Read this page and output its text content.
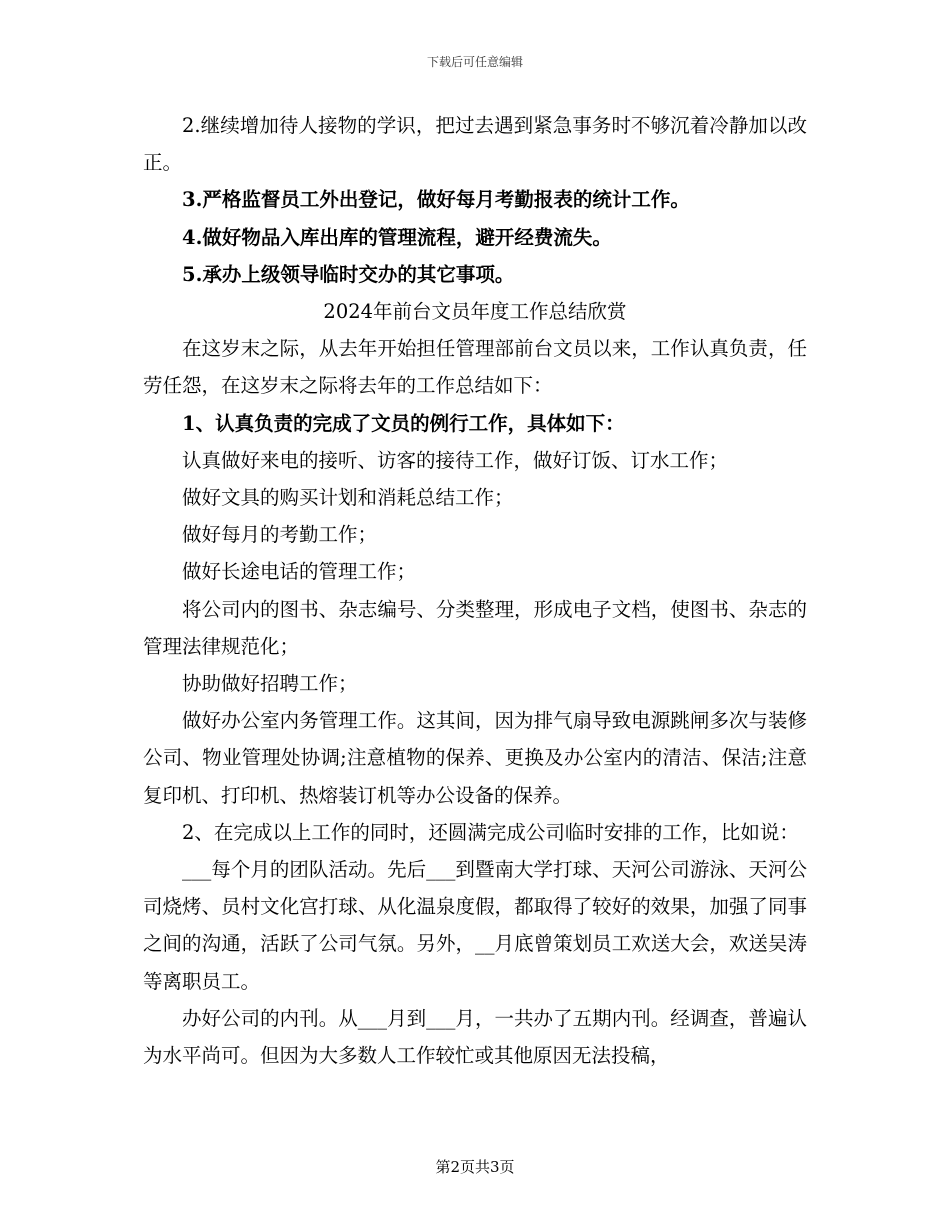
下载后可任意编辑

2.继续增加待人接物的学识，把过去遇到紧急事务时不够沉着冷静加以改正。

3.严格监督员工外出登记，做好每月考勤报表的统计工作。

4.做好物品入库出库的管理流程，避开经费流失。

5.承办上级领导临时交办的其它事项。

2024年前台文员年度工作总结欣赏

在这岁末之际，从去年开始担任管理部前台文员以来，工作认真负责，任劳任怨，在这岁末之际将去年的工作总结如下：

1、认真负责的完成了文员的例行工作，具体如下：

认真做好来电的接听、访客的接待工作，做好订饭、订水工作；

做好文具的购买计划和消耗总结工作；

做好每月的考勤工作；

做好长途电话的管理工作；

将公司内的图书、杂志编号、分类整理，形成电子文档，使图书、杂志的管理法律规范化；

协助做好招聘工作；

做好办公室内务管理工作。这其间，因为排气扇导致电源跳闸多次与装修公司、物业管理处协调;注意植物的保养、更换及办公室内的清洁、保洁;注意复印机、打印机、热熔装订机等办公设备的保养。

2、在完成以上工作的同时，还圆满完成公司临时安排的工作，比如说：

___每个月的团队活动。先后___到暨南大学打球、天河公司游泳、天河公司烧烤、员村文化宫打球、从化温泉度假，都取得了较好的效果，加强了同事之间的沟通，活跃了公司气氛。另外，__月底曾策划员工欢送大会，欢送吴涛等离职员工。

办好公司的内刊。从___月到___月，一共办了五期内刊。经调查，普遍认为水平尚可。但因为大多数人工作较忙或其他原因无法投稿，

第2页共3页
